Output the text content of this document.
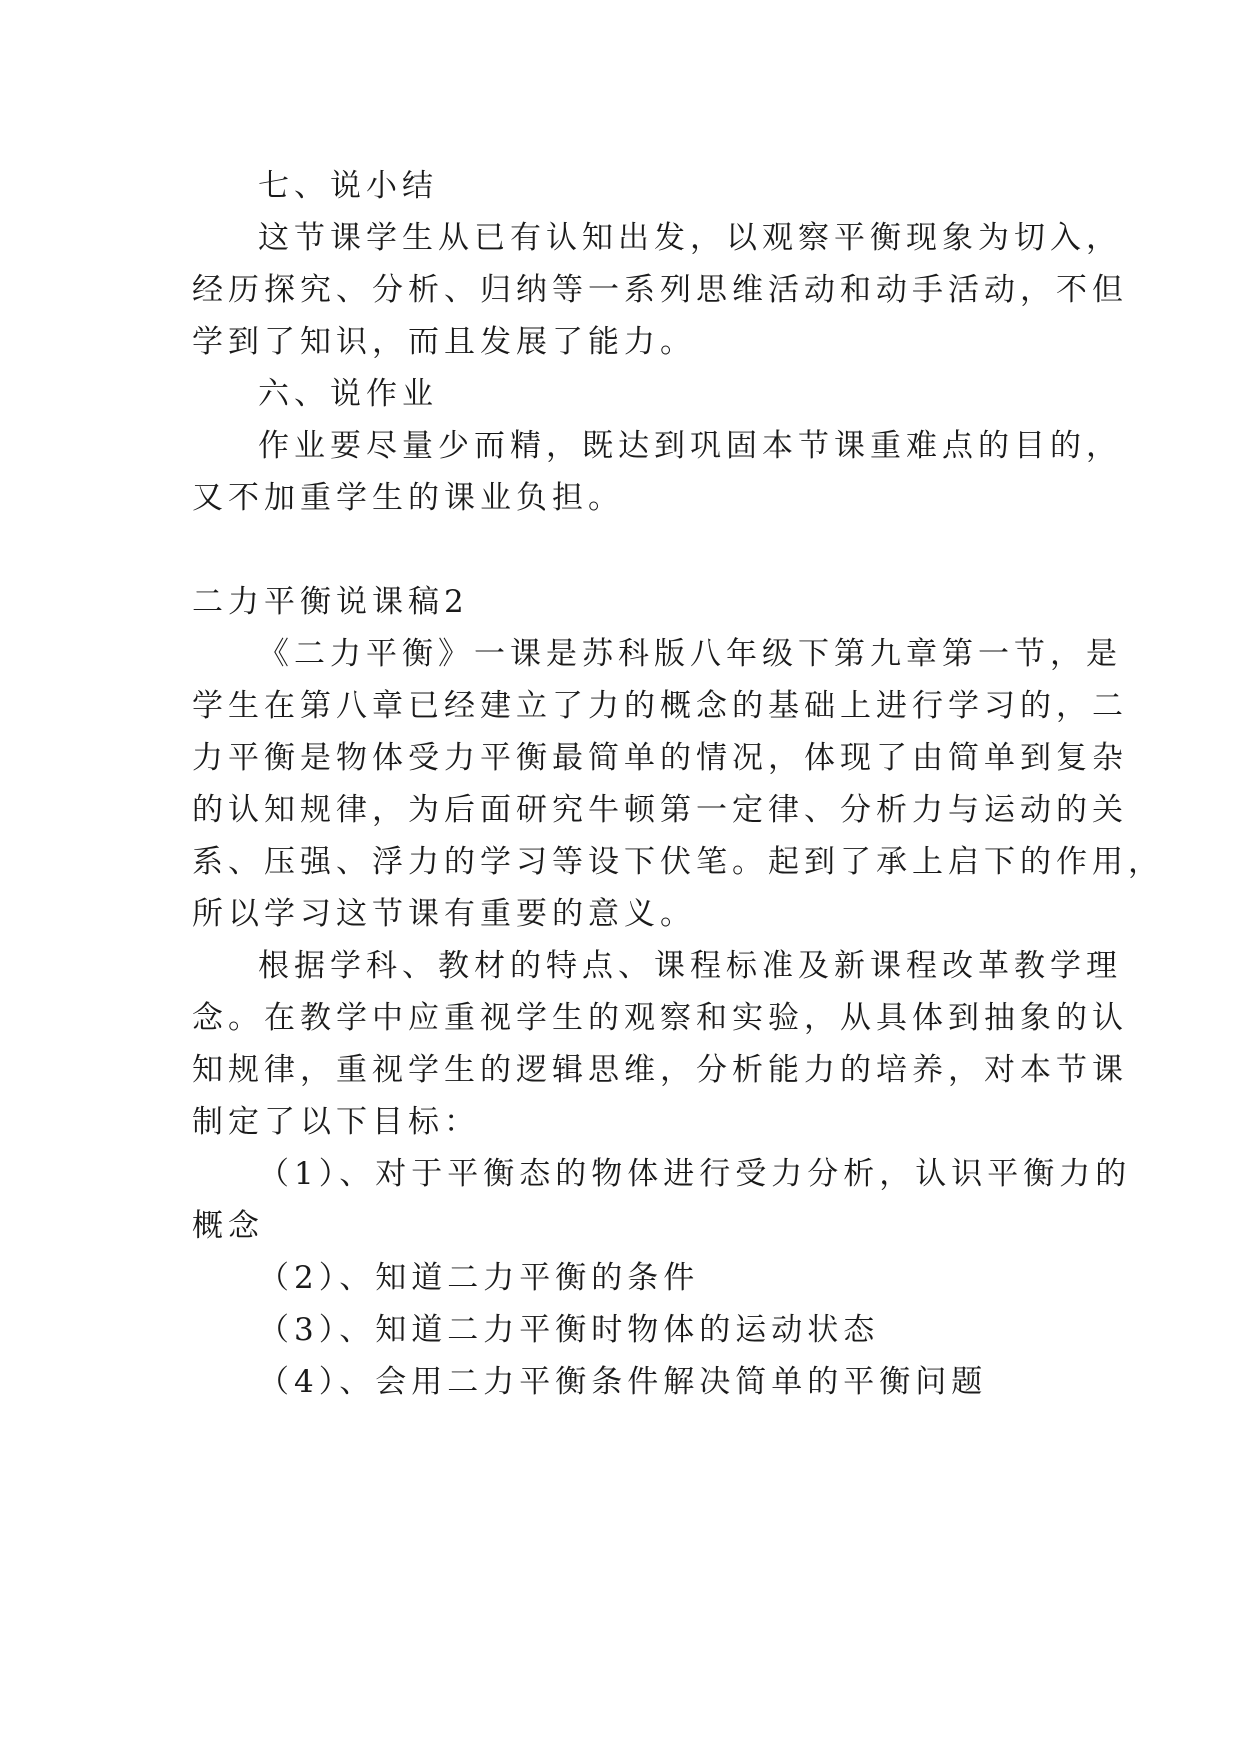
七、说小结
这节课学生从已有认知出发，以观察平衡现象为切入，
经历探究、分析、归纳等一系列思维活动和动手活动，不但
学到了知识，而且发展了能力。
六、说作业
作业要尽量少而精，既达到巩固本节课重难点的目的，
又不加重学生的课业负担。
二力平衡说课稿2
《二力平衡》一课是苏科版八年级下第九章第一节，是
学生在第八章已经建立了力的概念的基础上进行学习的，二
力平衡是物体受力平衡最简单的情况，体现了由简单到复杂
的认知规律，为后面研究牛顿第一定律、分析力与运动的关
系、压强、浮力的学习等设下伏笔。起到了承上启下的作用，
所以学习这节课有重要的意义。
根据学科、教材的特点、课程标准及新课程改革教学理
念。在教学中应重视学生的观察和实验，从具体到抽象的认
知规律，重视学生的逻辑思维，分析能力的培养，对本节课
制定了以下目标：
（1）、对于平衡态的物体进行受力分析，认识平衡力的
概念
（2）、知道二力平衡的条件
（3）、知道二力平衡时物体的运动状态
（4）、会用二力平衡条件解决简单的平衡问题
